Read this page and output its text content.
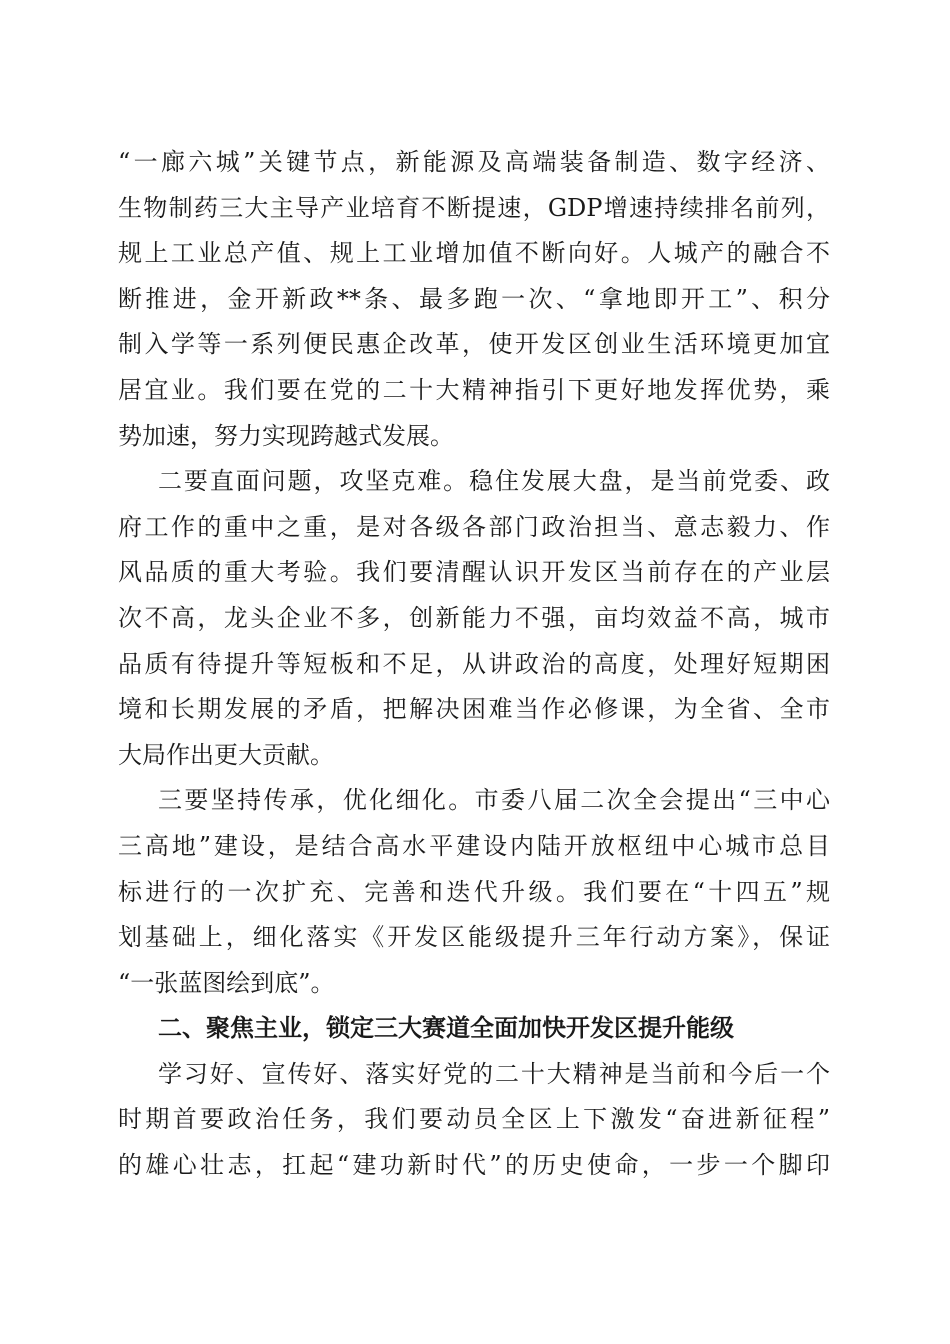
“一廊六城”关键节点，新能源及高端装备制造、数字经济、
生物制药三大主导产业培育不断提速，GDP增速持续排名前列，
规上工业总产值、规上工业增加值不断向好。人城产的融合不
断推进，金开新政**条、最多跑一次、“拿地即开工”、积分
制入学等一系列便民惠企改革，使开发区创业生活环境更加宜
居宜业。我们要在党的二十大精神指引下更好地发挥优势，乘
势加速，努力实现跨越式发展。
二要直面问题，攻坚克难。稳住发展大盘，是当前党委、政
府工作的重中之重，是对各级各部门政治担当、意志毅力、作
风品质的重大考验。我们要清醒认识开发区当前存在的产业层
次不高，龙头企业不多，创新能力不强，亩均效益不高，城市
品质有待提升等短板和不足，从讲政治的高度，处理好短期困
境和长期发展的矛盾，把解决困难当作必修课，为全省、全市
大局作出更大贡献。
三要坚持传承，优化细化。市委八届二次全会提出“三中心
三高地”建设，是结合高水平建设内陆开放枢纽中心城市总目
标进行的一次扩充、完善和迭代升级。我们要在“十四五”规
划基础上，细化落实《开发区能级提升三年行动方案》，保证
“一张蓝图绘到底”。
二、聚焦主业，锁定三大赛道全面加快开发区提升能级
学习好、宣传好、落实好党的二十大精神是当前和今后一个
时期首要政治任务，我们要动员全区上下激发“奋进新征程”
的雄心壮志，扛起“建功新时代”的历史使命，一步一个脚印
